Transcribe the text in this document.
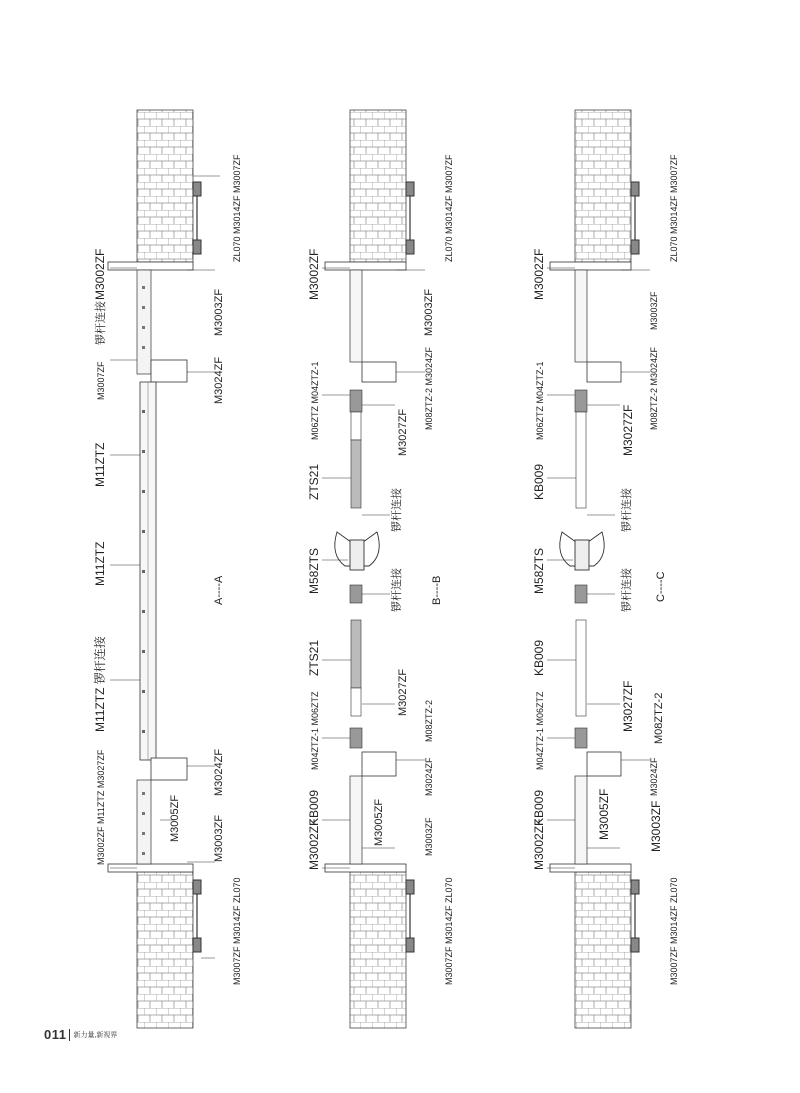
ZL070 M3014ZF M3007ZF
M3002ZF
锣杆连接
M3007ZF
M3003ZF
M3024ZF
M11ZTZ
M11ZTZ
M11ZTZ 锣杆连接
A----A
M3024ZF
M3002ZF M11ZTZ M3027ZF	M3005ZF	M3003ZF
M3007ZF M3014ZF ZL070
ZL070 M3014ZF M3007ZF
M3002ZF
M3003ZF
M06ZTZ M04ZTZ-1	M08ZTZ-2 M3024ZF
M3027ZF
ZTS21
锣杆连接
M58ZTS	锣杆连接	B----B
ZTS21
M3027ZF
M04ZTZ-1 M06ZTZ	M08ZTZ-2
M3024ZF
KB009	M3005ZF
M3002ZF	M3003ZF
M3007ZF M3014ZF ZL070
ZL070 M3014ZF M3007ZF
M3002ZF
M3003ZF
M06ZTZ M04ZTZ-1	M08ZTZ-2 M3024ZF
M3027ZF
KB009
锣杆连接
M58ZTS	锣杆连接 C----C
KB009
M3027ZF
M04ZTZ-1 M06ZTZ	M08ZTZ-2
M3024ZF
KB009	M3005ZF
M3002ZF	M3003ZF
M3007ZF M3014ZF ZL070
011 新力量,新视界
